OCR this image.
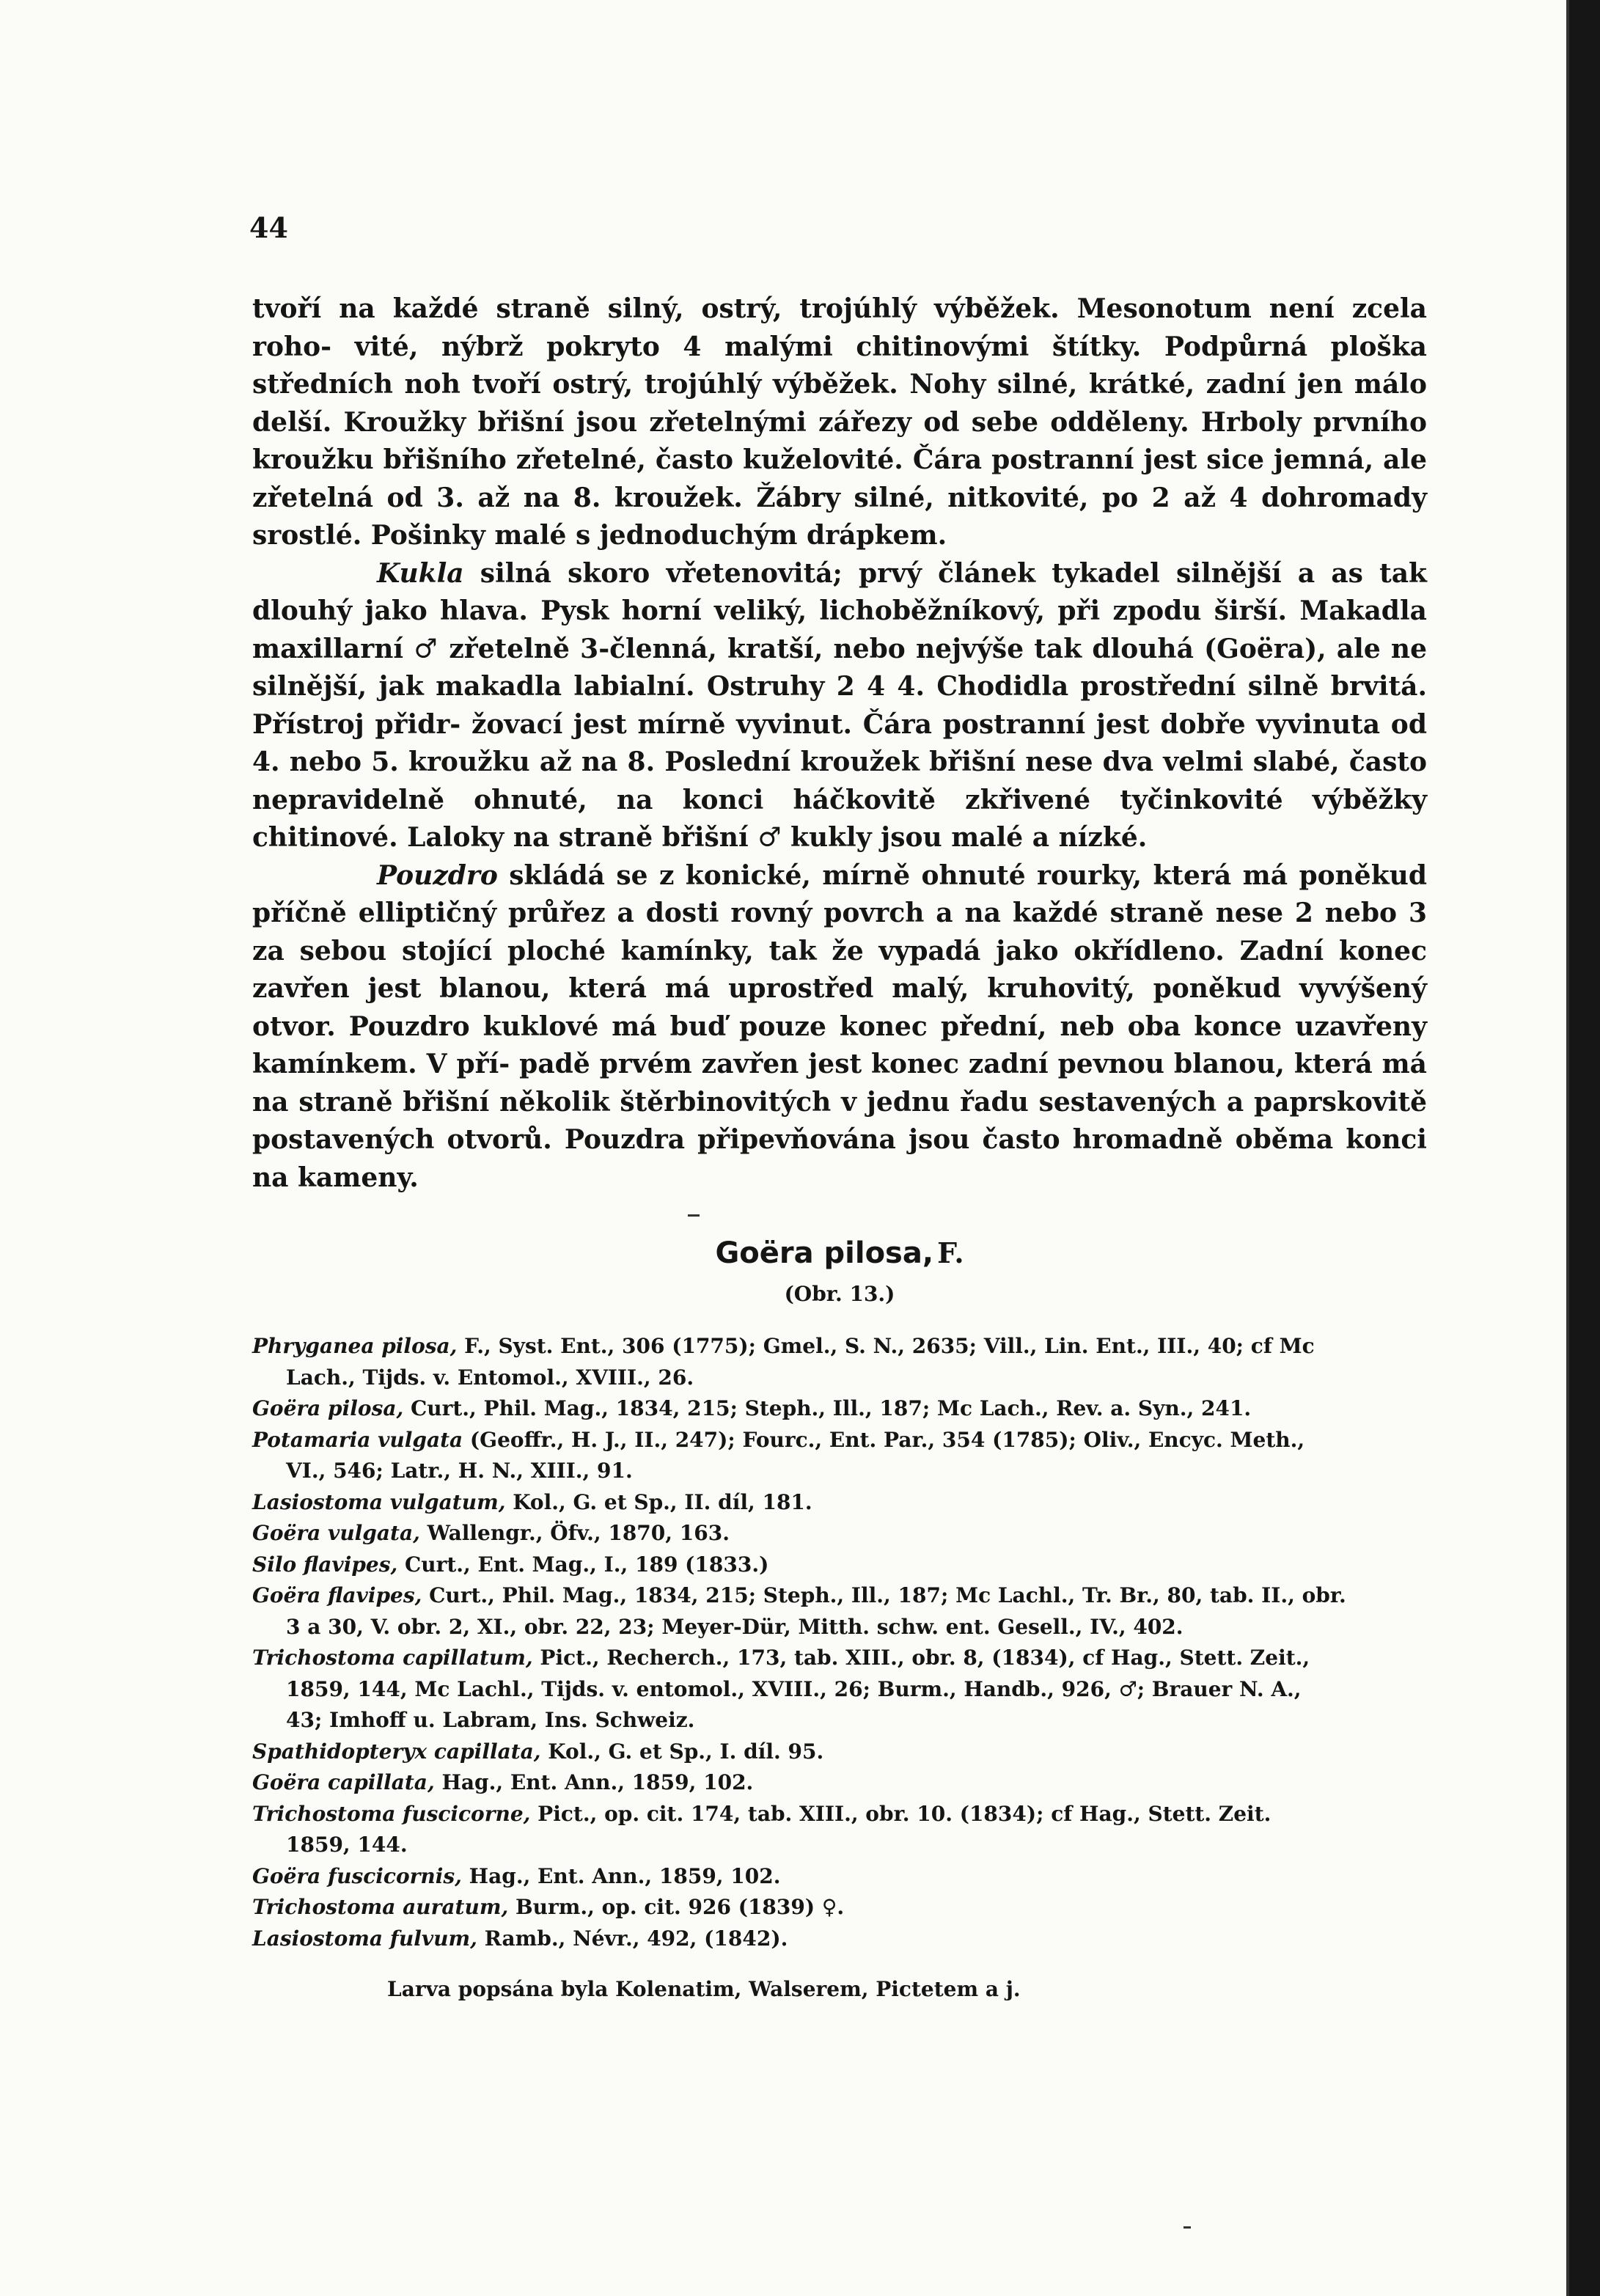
44

tvoří na každé straně silný, ostrý, trojúhlý výběžek. Mesonotum není zcela roho- vité, nýbrž pokryto 4 malými chitinovými štítky. Podpůrná ploška středních noh tvoří ostrý, trojúhlý výběžek. Nohy silné, krátké, zadní jen málo delší. Kroužky břišní jsou zřetelnými zářezy od sebe odděleny. Hrboly prvního kroužku břišního zřetelné, často kuželovité. Čára postranní jest sice jemná, ale zřetelná od 3. až na 8. kroužek. Žábry silné, nitkovité, po 2 až 4 dohromady srostlé. Pošinky malé s jednoduchým drápkem.

Kukla silná skoro vřetenovitá; prvý článek tykadel silnější a as tak dlouhý jako hlava. Pysk horní veliký, lichoběžníkový, při zpodu širší. Makadla maxillarní ♂ zřetelně 3-členná, kratší, nebo nejvýše tak dlouhá (Goëra), ale ne silnější, jak makadla labialní. Ostruhy 2 4 4. Chodidla prostřední silně brvitá. Přístroj přidr- žovací jest mírně vyvinut. Čára postranní jest dobře vyvinuta od 4. nebo 5. kroužku až na 8. Poslední kroužek břišní nese dva velmi slabé, často nepravidelně ohnuté, na konci háčkovitě zkřivené tyčinkovité výběžky chitinové. Laloky na straně břišní ♂ kukly jsou malé a nízké.

Pouzdro skládá se z konické, mírně ohnuté rourky, která má poněkud příčně elliptičný průřez a dosti rovný povrch a na každé straně nese 2 nebo 3 za sebou stojící ploché kamínky, tak že vypadá jako okřídleno. Zadní konec zavřen jest blanou, která má uprostřed malý, kruhovitý, poněkud vyvýšený otvor. Pouzdro kuklové má buď pouze konec přední, neb oba konce uzavřeny kamínkem. V pří- padě prvém zavřen jest konec zadní pevnou blanou, která má na straně břišní několik štěrbinovitých v jednu řadu sestavených a paprskovitě postavených otvorů. Pouzdra připevňována jsou často hromadně oběma konci na kameny.

Goëra pilosa, F.
(Obr. 13.)

Phryganea pilosa, F., Syst. Ent., 306 (1775); Gmel., S. N., 2635; Vill., Lin. Ent., III., 40; cf Mc
Lach., Tijds. v. Entomol., XVIII., 26.

Goëra pilosa, Curt., Phil. Mag., 1834, 215; Steph., Ill., 187; Mc Lach., Rev. a. Syn., 241.

Potamaria vulgata (Geoffr., H. J., II., 247); Fourc., Ent. Par., 354 (1785); Oliv., Encyc. Meth.,
VI., 546; Latr., H. N., XIII., 91.

Lasiostoma vulgatum, Kol., G. et Sp., II. díl, 181.

Goëra vulgata, Wallengr., Öfv., 1870, 163.

Silo flavipes, Curt., Ent. Mag., I., 189 (1833.)

Goëra flavipes, Curt., Phil. Mag., 1834, 215; Steph., Ill., 187; Mc Lachl., Tr. Br., 80, tab. II., obr.
3 a 30, V. obr. 2, XI., obr. 22, 23; Meyer-Dür, Mitth. schw. ent. Gesell., IV., 402.

Trichostoma capillatum, Pict., Recherch., 173, tab. XIII., obr. 8, (1834), cf Hag., Stett. Zeit.,
1859, 144, Mc Lachl., Tijds. v. entomol., XVIII., 26; Burm., Handb., 926, ♂; Brauer N. A.,
43; Imhoff u. Labram, Ins. Schweiz.

Spathidopteryx capillata, Kol., G. et Sp., I. díl. 95.

Goëra capillata, Hag., Ent. Ann., 1859, 102.

Trichostoma fuscicorne, Pict., op. cit. 174, tab. XIII., obr. 10. (1834); cf Hag., Stett. Zeit.
1859, 144.

Goëra fuscicornis, Hag., Ent. Ann., 1859, 102.

Trichostoma auratum, Burm., op. cit. 926 (1839) ♀.

Lasiostoma fulvum, Ramb., Névr., 492, (1842).

Larva popsána byla Kolenatim, Walserem, Pictetem a j.
